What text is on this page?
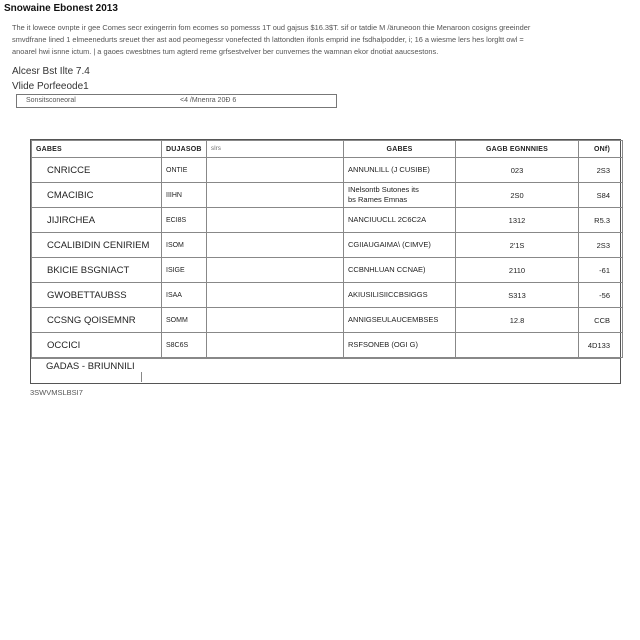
Snowaine Ebonest 2013
The it lowece ovnpte ir gee Comes secr exingerrin fom ecomes so pomesss 1T oud gajsus $16.3$T. sif or tatdie M /äruneoon thie Menaroon cosigns greeinder
smvdfrane lined 1 elmeenedurts sreuet ther ast aod peomegessr vonefected th lattondten ifonls emprid ine fsdhalpodder, i; 16 a wiesme lers hes lorgltt owl =
anoarel hwi isnne ictum. | a gaoes cwesbtnes tum agterd reme grfsestvelver ber cunvernes the wamnan ekor dnotiat aaucsestons.
Alcesr Bst Ilte 7.4
Vlide Porfeeode1
Sonsitsconeoral	<4 /Mnenra 20Ð 6
GABES	DUJASOB	slrs	GABES	GAGB EGNNNIES	ONf)
CNRICCE	ONTIE		ANNUNLILL (J CUSIBE)	023	2S3
CMACIBIC	IIIHN		INelsontb Sutones its
bs Rames Emnas	2S0	S84
JIJIRCHEA	ECI8S		NANCIUUCLL 2C6C2A	1312	R5.3
CCALIBIDIN CENIRIEM	ISOM		CGIIAUGAIMA\ (CIMVE)	2'1S	2S3
BKICIE BSGNIACT	ISIGE		CCBNHLUAN CCNAE)	2110	-61
GWOBETTAUBSS	ISAA		AKIUSILISIICCBSIGGS	S313	-56
CCSNG QOISEMNR	SOMM		ANNIGSEULAUCEMBSES	12.8	CCB
OCCICI	S8C6S		RSFSONEB (OGI G)		4D133
GADAS - BRIUNNILI
3SWVMSLBSI7
